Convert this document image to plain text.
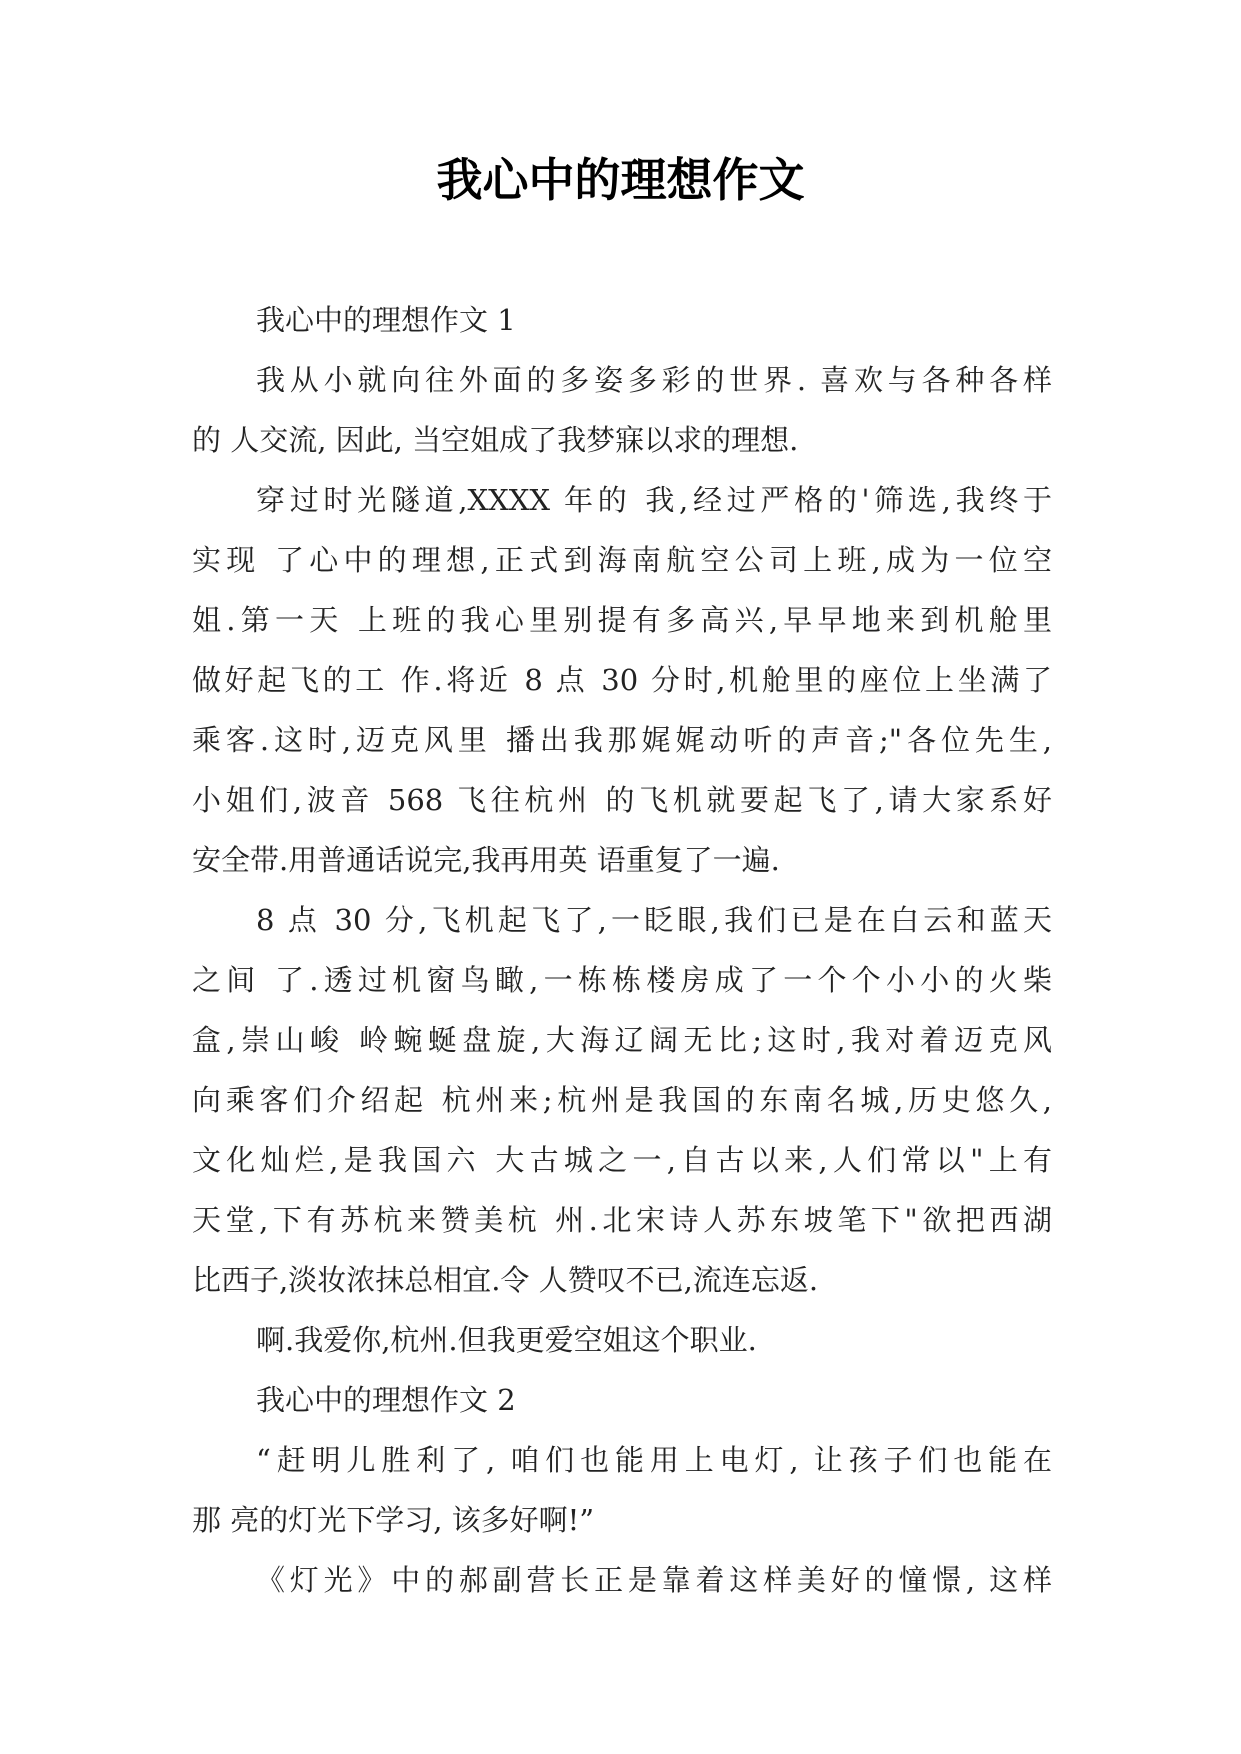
我心中的理想作文
我心中的理想作文 1
我从小就向往外面的多姿多彩的世界. 喜欢与各种各样
的 人交流, 因此, 当空姐成了我梦寐以求的理想.
穿过时光隧道,XXXX 年的 我,经过严格的'筛选,我终于
实现 了心中的理想,正式到海南航空公司上班,成为一位空
姐.第一天 上班的我心里别提有多高兴,早早地来到机舱里
做好起飞的工 作.将近 8 点 30 分时,机舱里的座位上坐满了
乘客.这时,迈克风里 播出我那娓娓动听的声音;"各位先生,
小姐们,波音 568 飞往杭州 的飞机就要起飞了,请大家系好
安全带.用普通话说完,我再用英 语重复了一遍.
8 点 30 分,飞机起飞了,一眨眼,我们已是在白云和蓝天
之间 了.透过机窗鸟瞰,一栋栋楼房成了一个个小小的火柴
盒,崇山峻 岭蜿蜒盘旋,大海辽阔无比;这时,我对着迈克风
向乘客们介绍起 杭州来;杭州是我国的东南名城,历史悠久,
文化灿烂,是我国六 大古城之一,自古以来,人们常以"上有
天堂,下有苏杭来赞美杭 州.北宋诗人苏东坡笔下"欲把西湖
比西子,淡妆浓抹总相宜.令 人赞叹不已,流连忘返.
啊.我爱你,杭州.但我更爱空姐这个职业.
我心中的理想作文 2
“赶明儿胜利了, 咱们也能用上电灯, 让孩子们也能在
那 亮的灯光下学习, 该多好啊!”
《灯光》中的郝副营长正是靠着这样美好的憧憬, 这样
